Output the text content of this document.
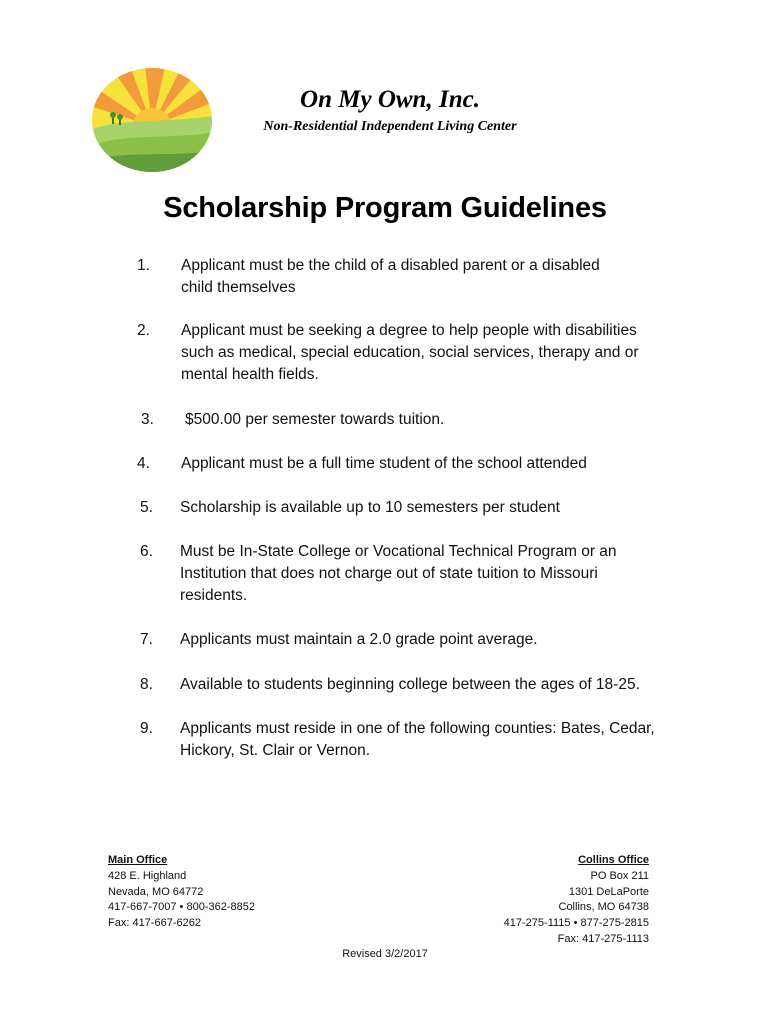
On My Own, Inc.
Non-Residential Independent Living Center
Scholarship Program Guidelines
1. Applicant must be the child of a disabled parent or a disabled child themselves
2. Applicant must be seeking a degree to help people with disabilities such as medical, special education, social services, therapy and or mental health fields.
3. $500.00 per semester towards tuition.
4. Applicant must be a full time student of the school attended
5. Scholarship is available up to 10 semesters per student
6. Must be In-State College or Vocational Technical Program or an Institution that does not charge out of state tuition to Missouri residents.
7. Applicants must maintain a 2.0 grade point average.
8. Available to students beginning college between the ages of 18-25.
9. Applicants must reside in one of the following counties: Bates, Cedar, Hickory, St. Clair or Vernon.
Main Office
428 E. Highland
Nevada, MO 64772
417-667-7007 • 800-362-8852
Fax: 417-667-6262
Collins Office
PO Box 211
1301 DeLaPorte
Collins, MO 64738
417-275-1115 • 877-275-2815
Fax: 417-275-1113
Revised 3/2/2017
